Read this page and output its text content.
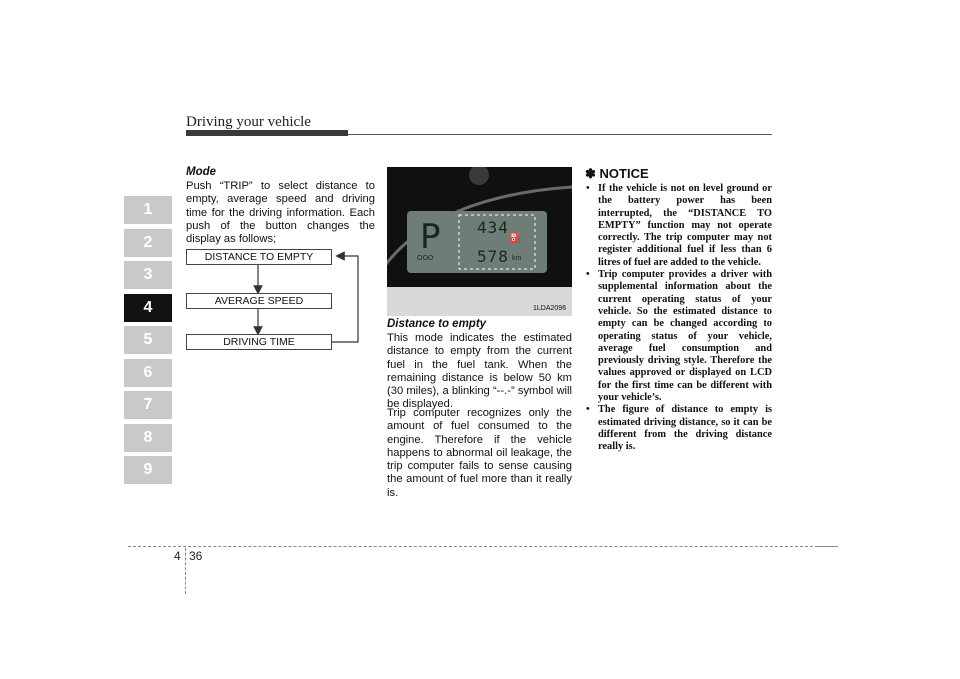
Driving your vehicle
1
2
3
4
5
6
7
8
9
Mode
Push “TRIP” to select distance to empty, average speed and driving time for the driving information. Each push of the button changes the display as follows;
DISTANCE TO EMPTY
AVERAGE SPEED
DRIVING TIME
P 434
⛽
578 km
OOO
1LDA2096
Distance to empty
This mode indicates the estimated distance to empty from the current fuel in the fuel tank. When the remaining distance is below 50 km (30 miles), a blinking “--.-” symbol will be displayed.
Trip computer recognizes only the amount of fuel consumed to the engine. Therefore if the vehicle happens to abnormal oil leakage, the trip computer fails to sense causing the amount of fuel more than it really is.
✽ NOTICE
• If the vehicle is not on level ground or the battery power has been interrupted, the “DISTANCE TO EMPTY” function may not operate correctly. The trip computer may not register additional fuel if less than 6 litres of fuel are added to the vehicle.
• Trip computer provides a driver with supplemental information about the current operating status of your vehicle. So the estimated distance to empty can be changed according to operating status of your vehicle, average fuel consumption and previously driving style. Therefore the values approved or displayed on LCD for the first time can be different with your vehicle’s.
• The figure of distance to empty is estimated driving distance, so it can be different from the driving distance really is.
4 36
